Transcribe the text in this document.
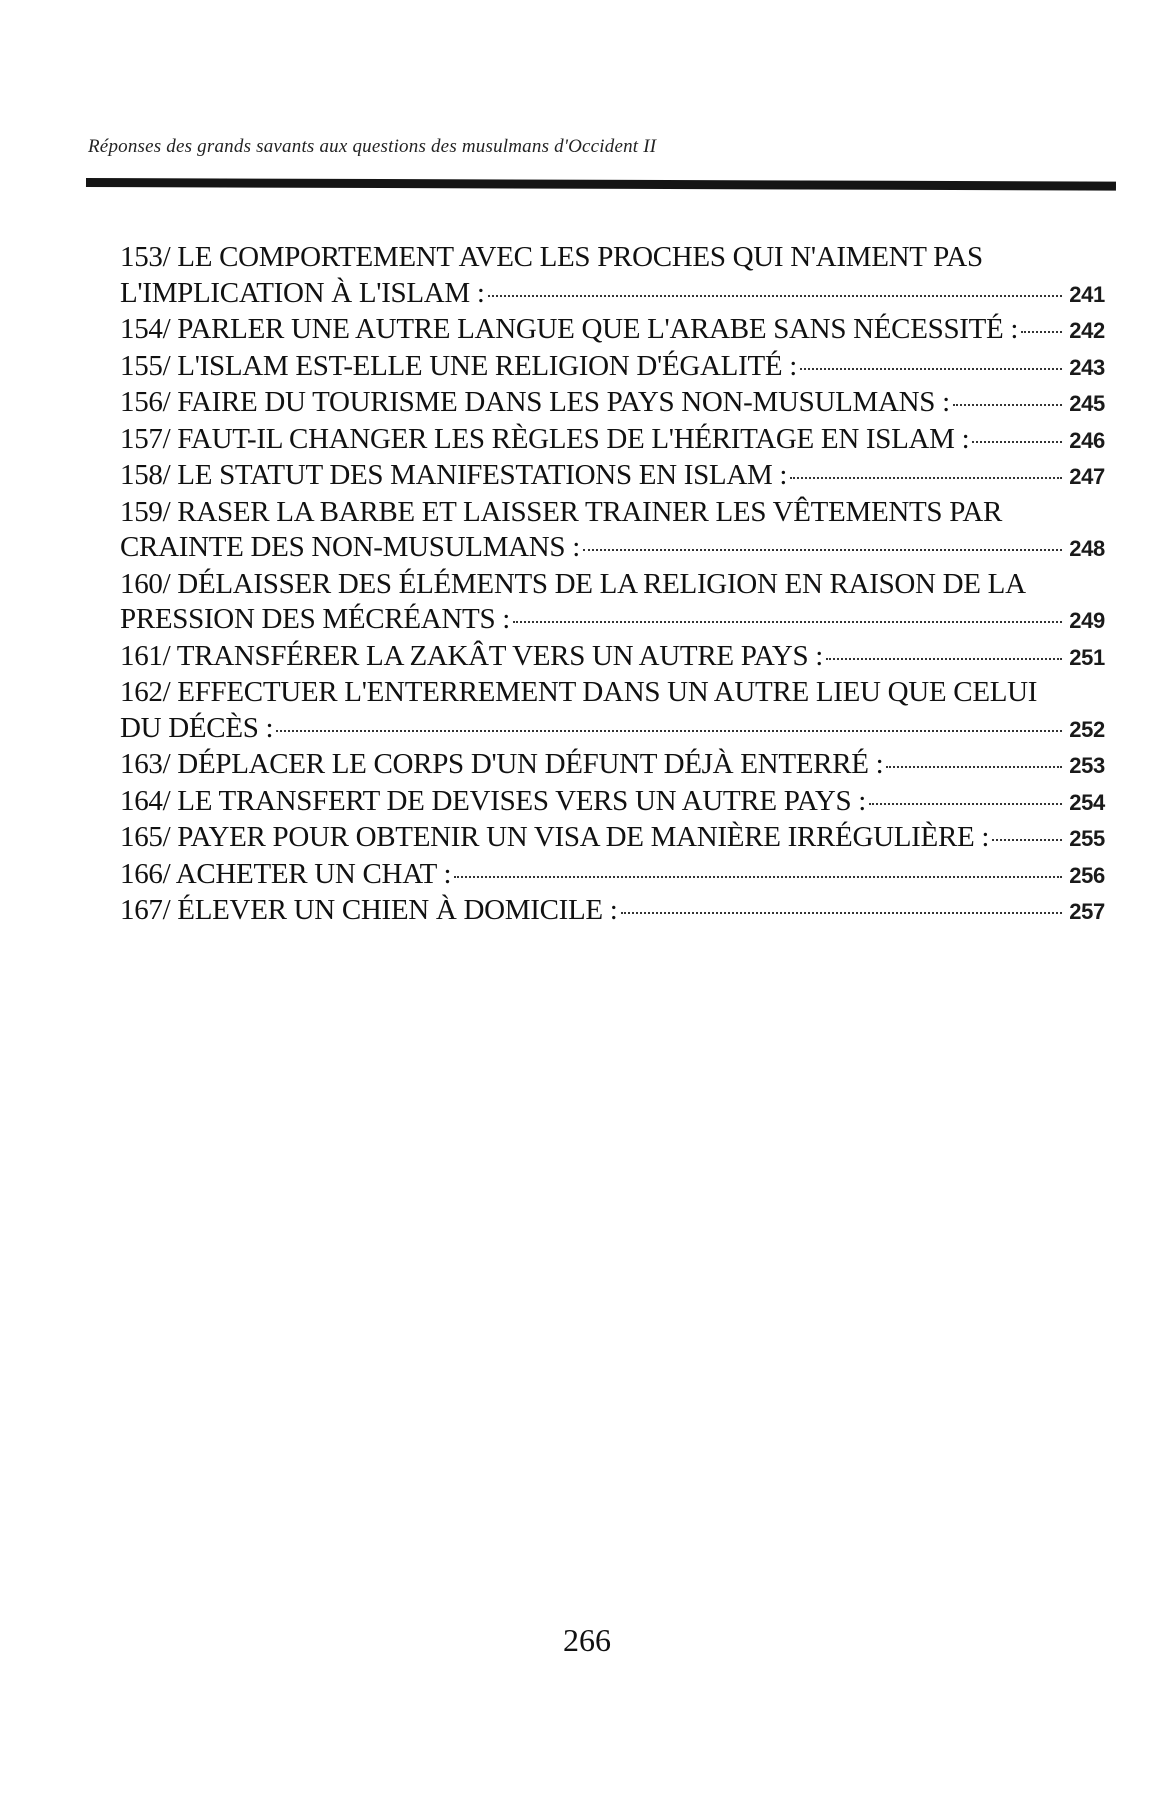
Réponses des grands savants aux questions des musulmans d'Occident II
153/ LE COMPORTEMENT AVEC LES PROCHES QUI N'AIMENT PAS
L'IMPLICATION À L'ISLAM :	241
154/ PARLER UNE AUTRE LANGUE QUE L'ARABE SANS NÉCESSITÉ : 242
155/ L'ISLAM EST-ELLE UNE RELIGION D'ÉGALITÉ :	243
156/ FAIRE DU TOURISME DANS LES PAYS NON-MUSULMANS :	245
157/ FAUT-IL CHANGER LES RÈGLES DE L'HÉRITAGE EN ISLAM :	246
158/ LE STATUT DES MANIFESTATIONS EN ISLAM :	247
159/ RASER LA BARBE ET LAISSER TRAINER LES VÊTEMENTS PAR
CRAINTE DES NON-MUSULMANS :	248
160/ DÉLAISSER DES ÉLÉMENTS DE LA RELIGION EN RAISON DE LA
PRESSION DES MÉCRÉANTS :	249
161/ TRANSFÉRER LA ZAKÂT VERS UN AUTRE PAYS :	251
162/ EFFECTUER L'ENTERREMENT DANS UN AUTRE LIEU QUE CELUI
DU DÉCÈS :	252
163/ DÉPLACER LE CORPS D'UN DÉFUNT DÉJÀ ENTERRÉ :	253
164/ LE TRANSFERT DE DEVISES VERS UN AUTRE PAYS :	254
165/ PAYER POUR OBTENIR UN VISA DE MANIÈRE IRRÉGULIÈRE :	255
166/ ACHETER UN CHAT :	256
167/ ÉLEVER UN CHIEN À DOMICILE :	257
266
